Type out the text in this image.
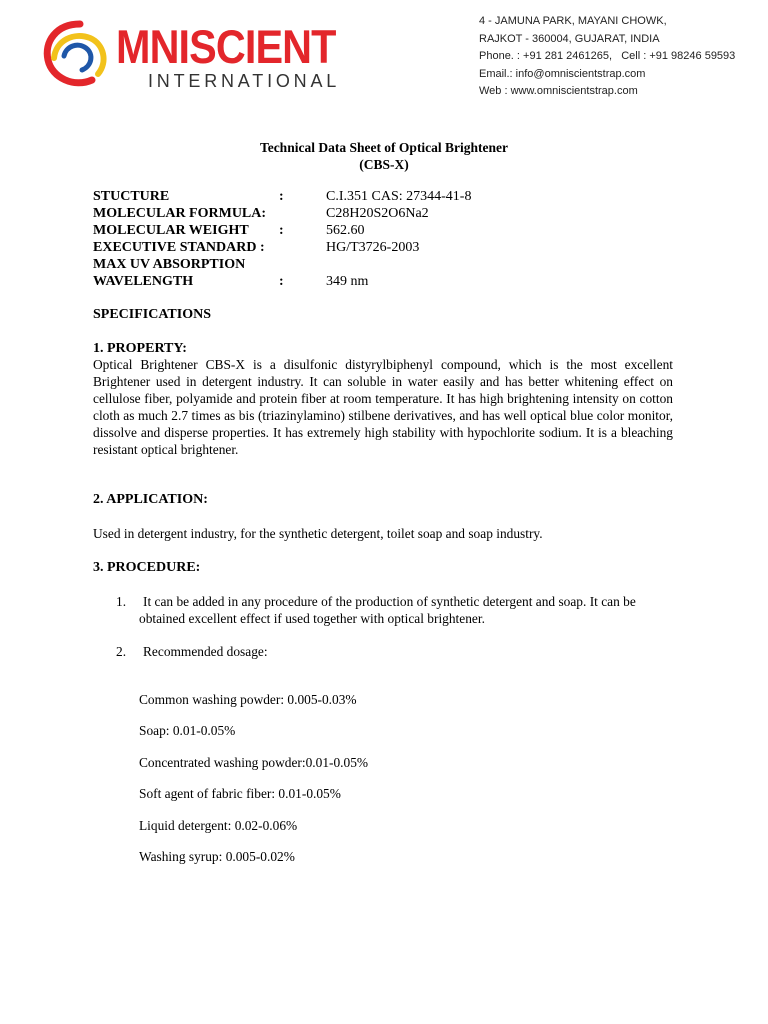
MNISCIENT
INTERNATIONAL
4 - JAMUNA PARK, MAYANI CHOWK,
RAJKOT - 360004, GUJARAT, INDIA
Phone. : +91 281 2461265, Cell : +91 98246 59593
Email.: info@omniscientstrap.com
Web : www.omniscientstrap.com
Technical Data Sheet of Optical Brightener
(CBS-X)
STUCTURE	:	C.I.351 CAS: 27344-41-8
MOLECULAR FORMULA:	C28H20S2O6Na2
MOLECULAR WEIGHT :	562.60
EXECUTIVE STANDARD :	HG/T3726-2003
MAX UV ABSORPTION
WAVELENGTH	:	349 nm
SPECIFICATIONS
1. PROPERTY:
Optical Brightener CBS-X is a disulfonic distyrylbiphenyl compound, which is the most excellent Brightener used in detergent industry. It can soluble in water easily and has better whitening effect on cellulose fiber, polyamide and protein fiber at room temperature. It has high brightening intensity on cotton cloth as much 2.7 times as bis (triazinylamino) stilbene derivatives, and has well optical blue color monitor, dissolve and disperse properties. It has extremely high stability with hypochlorite sodium. It is a bleaching resistant optical brightener.
2. APPLICATION:
Used in detergent industry, for the synthetic detergent, toilet soap and soap industry.
3. PROCEDURE:
1. It can be added in any procedure of the production of synthetic detergent and soap. It can be obtained excellent effect if used together with optical brightener.
2. Recommended dosage:
Common washing powder: 0.005-0.03%
Soap: 0.01-0.05%
Concentrated washing powder:0.01-0.05%
Soft agent of fabric fiber: 0.01-0.05%
Liquid detergent: 0.02-0.06%
Washing syrup: 0.005-0.02%
